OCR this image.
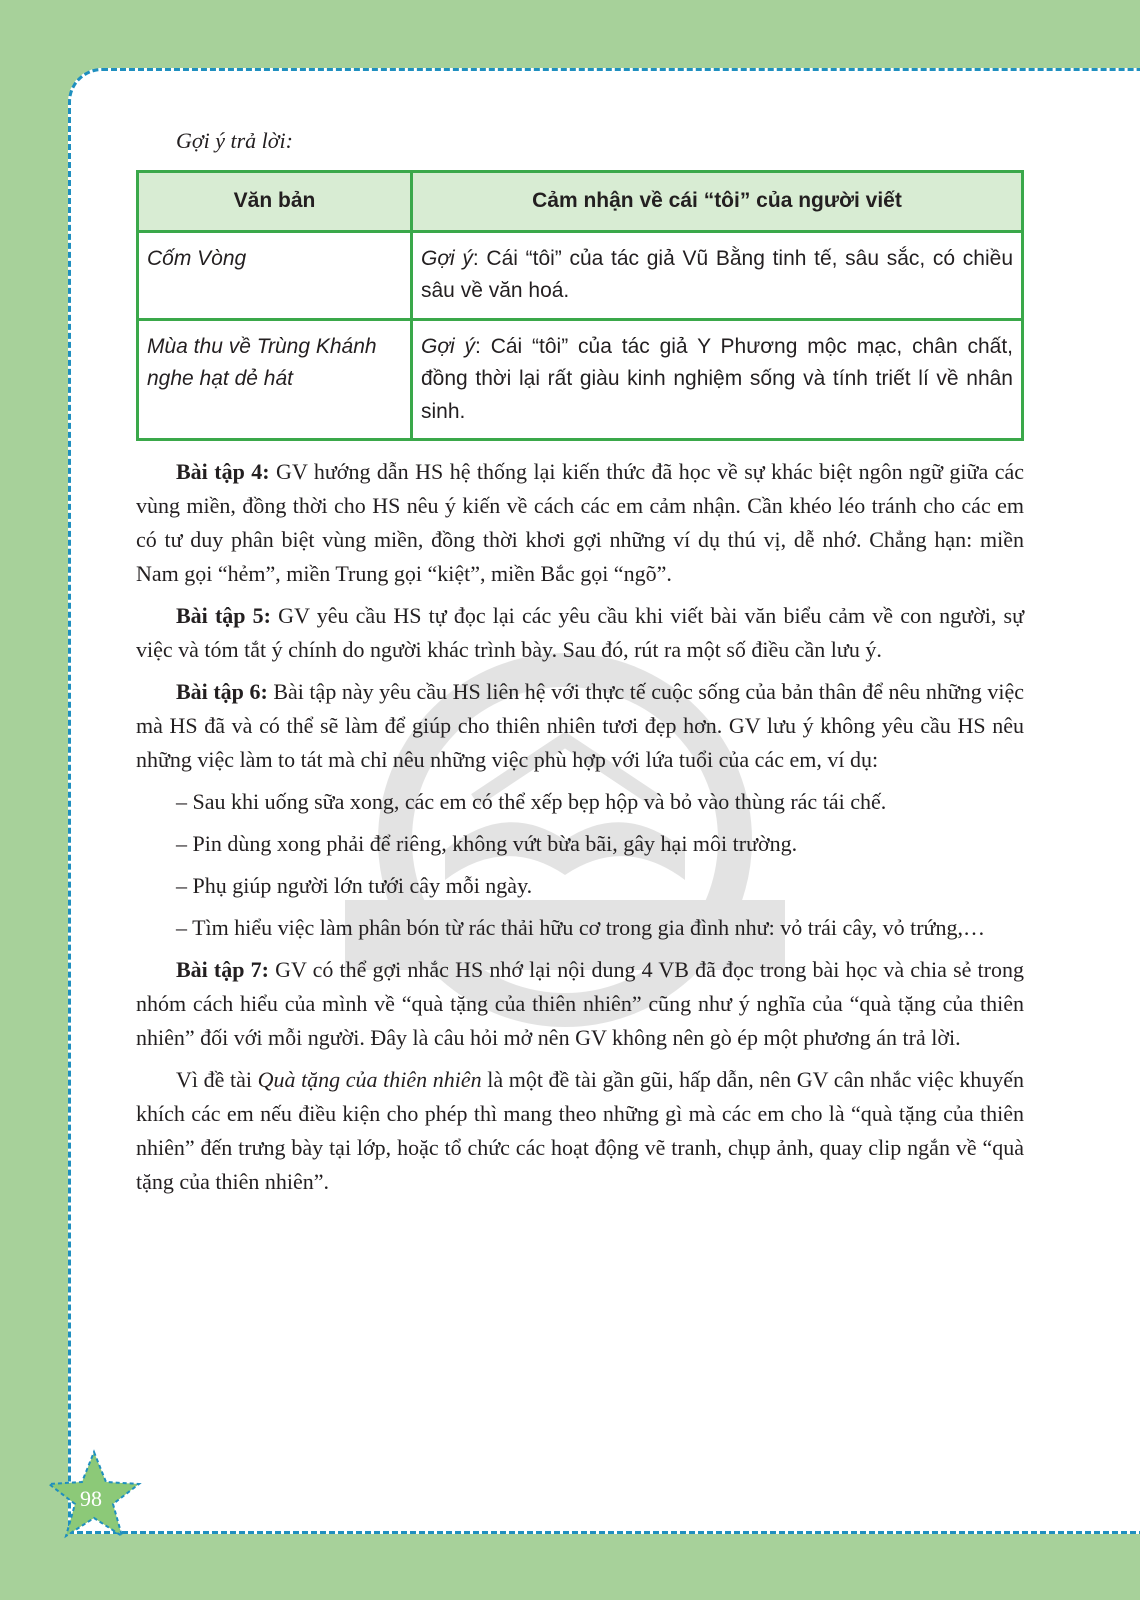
Gợi ý trả lời:

Văn bản	Cảm nhận về cái “tôi” của người viết
Cốm Vòng	Gợi ý: Cái “tôi” của tác giả Vũ Bằng tinh tế, sâu sắc, có chiều sâu về văn hoá.
Mùa thu về Trùng Khánh nghe hạt dẻ hát	Gợi ý: Cái “tôi” của tác giả Y Phương mộc mạc, chân chất, đồng thời lại rất giàu kinh nghiệm sống và tính triết lí về nhân sinh.

Bài tập 4: GV hướng dẫn HS hệ thống lại kiến thức đã học về sự khác biệt ngôn ngữ giữa các vùng miền, đồng thời cho HS nêu ý kiến về cách các em cảm nhận. Cần khéo léo tránh cho các em có tư duy phân biệt vùng miền, đồng thời khơi gợi những ví dụ thú vị, dễ nhớ. Chẳng hạn: miền Nam gọi “hẻm”, miền Trung gọi “kiệt”, miền Bắc gọi “ngõ”.

Bài tập 5: GV yêu cầu HS tự đọc lại các yêu cầu khi viết bài văn biểu cảm về con người, sự việc và tóm tắt ý chính do người khác trình bày. Sau đó, rút ra một số điều cần lưu ý.

Bài tập 6: Bài tập này yêu cầu HS liên hệ với thực tế cuộc sống của bản thân để nêu những việc mà HS đã và có thể sẽ làm để giúp cho thiên nhiên tươi đẹp hơn. GV lưu ý không yêu cầu HS nêu những việc làm to tát mà chỉ nêu những việc phù hợp với lứa tuổi của các em, ví dụ:

– Sau khi uống sữa xong, các em có thể xếp bẹp hộp và bỏ vào thùng rác tái chế.

– Pin dùng xong phải để riêng, không vứt bừa bãi, gây hại môi trường.

– Phụ giúp người lớn tưới cây mỗi ngày.

– Tìm hiểu việc làm phân bón từ rác thải hữu cơ trong gia đình như: vỏ trái cây, vỏ trứng,…

Bài tập 7: GV có thể gợi nhắc HS nhớ lại nội dung 4 VB đã đọc trong bài học và chia sẻ trong nhóm cách hiểu của mình về “quà tặng của thiên nhiên” cũng như ý nghĩa của “quà tặng của thiên nhiên” đối với mỗi người. Đây là câu hỏi mở nên GV không nên gò ép một phương án trả lời.

Vì đề tài Quà tặng của thiên nhiên là một đề tài gần gũi, hấp dẫn, nên GV cân nhắc việc khuyến khích các em nếu điều kiện cho phép thì mang theo những gì mà các em cho là “quà tặng của thiên nhiên” đến trưng bày tại lớp, hoặc tổ chức các hoạt động vẽ tranh, chụp ảnh, quay clip ngắn về “quà tặng của thiên nhiên”.

98
